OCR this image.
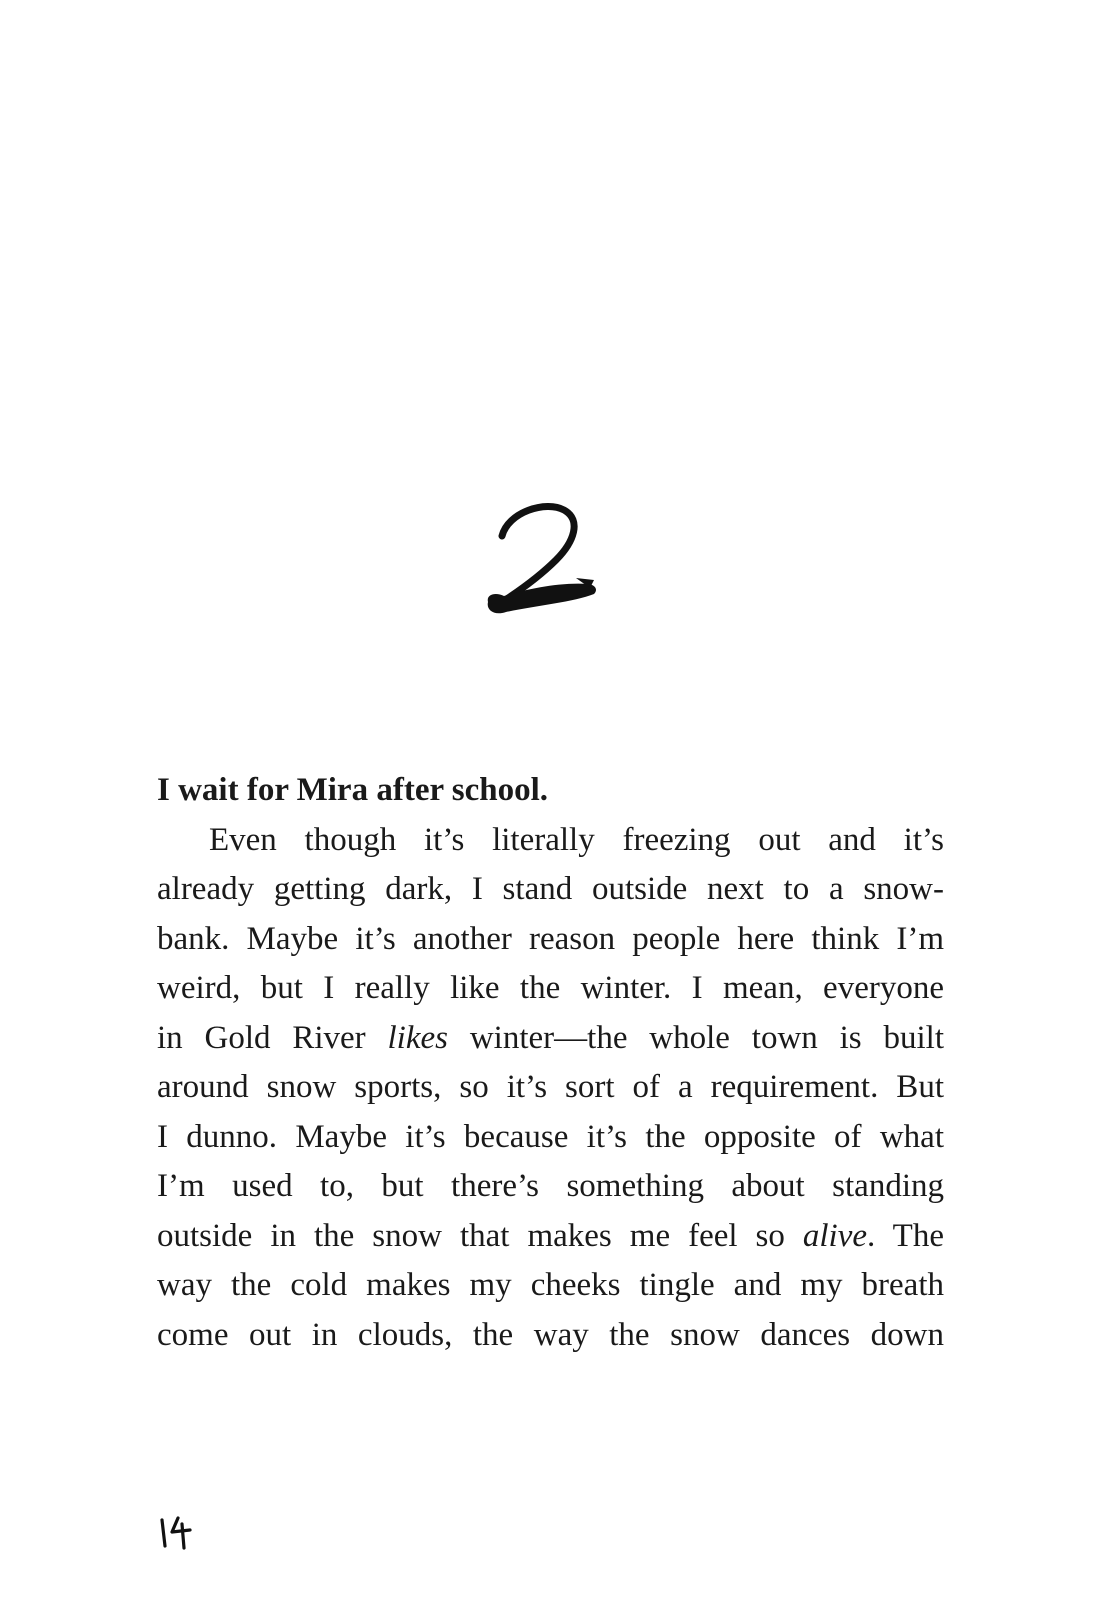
I wait for Mira after school.
Even though it’s literally freezing out and it’s
already getting dark, I stand outside next to a snow-
bank. Maybe it’s another reason people here think I’m
weird, but I really like the winter. I mean, everyone
in Gold River likes winter—the whole town is built
around snow sports, so it’s sort of a requirement. But
I dunno. Maybe it’s because it’s the opposite of what
I’m used to, but there’s something about standing
outside in the snow that makes me feel so alive. The
way the cold makes my cheeks tingle and my breath
come out in clouds, the way the snow dances down
